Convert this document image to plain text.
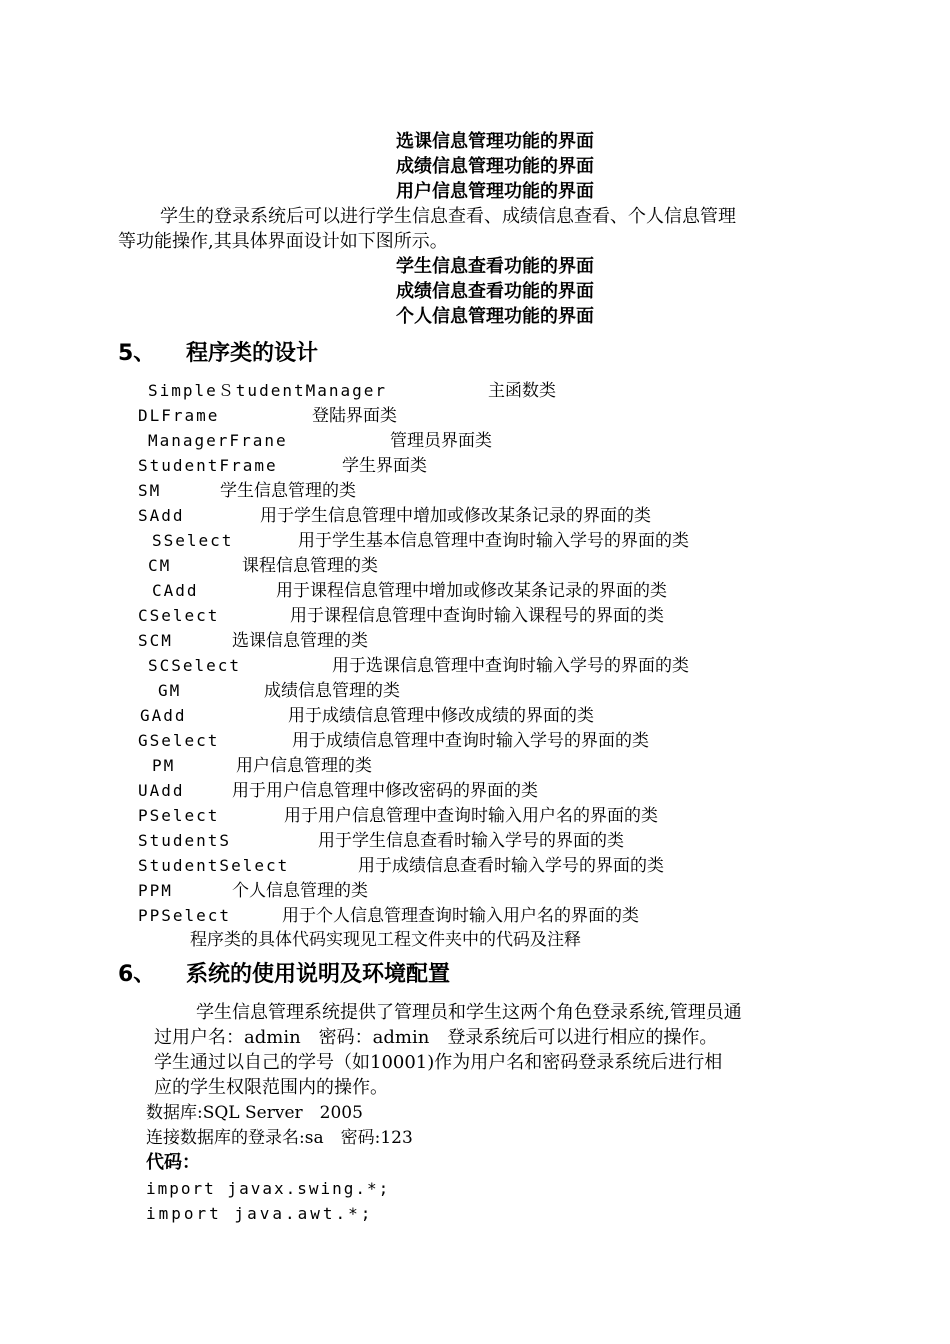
选课信息管理功能的界面
成绩信息管理功能的界面
用户信息管理功能的界面
学生的登录系统后可以进行学生信息查看、成绩信息查看、个人信息管理
等功能操作,其具体界面设计如下图所示。
学生信息查看功能的界面
成绩信息查看功能的界面
个人信息管理功能的界面
5、 程序类的设计
SimpleＳtudentManager	主函数类
DLFrame	登陆界面类
ManagerFrane	管理员界面类
StudentFrame	学生界面类
SM	学生信息管理的类
SAdd	用于学生信息管理中增加或修改某条记录的界面的类
SSelect	用于学生基本信息管理中查询时输入学号的界面的类
CM	课程信息管理的类
CAdd	用于课程信息管理中增加或修改某条记录的界面的类
CSelect	用于课程信息管理中查询时输入课程号的界面的类
SCM	选课信息管理的类
SCSelect	用于选课信息管理中查询时输入学号的界面的类
GM	成绩信息管理的类
GAdd	用于成绩信息管理中修改成绩的界面的类
GSelect	用于成绩信息管理中查询时输入学号的界面的类
PM	用户信息管理的类
UAdd	用于用户信息管理中修改密码的界面的类
PSelect	用于用户信息管理中查询时输入用户名的界面的类
StudentS	用于学生信息查看时输入学号的界面的类
StudentSelect	用于成绩信息查看时输入学号的界面的类
PPM	个人信息管理的类
PPSelect	用于个人信息管理查询时输入用户名的界面的类
程序类的具体代码实现见工程文件夹中的代码及注释
6、 系统的使用说明及环境配置
学生信息管理系统提供了管理员和学生这两个角色登录系统,管理员通
过用户名：admin　密码：admin　登录系统后可以进行相应的操作。
学生通过以自己的学号（如10001)作为用户名和密码登录系统后进行相
应的学生权限范围内的操作。
数据库:SQL Server　2005
连接数据库的登录名:sa　密码:123
代码：
import javax.swing.*;
import java.awt.*;
